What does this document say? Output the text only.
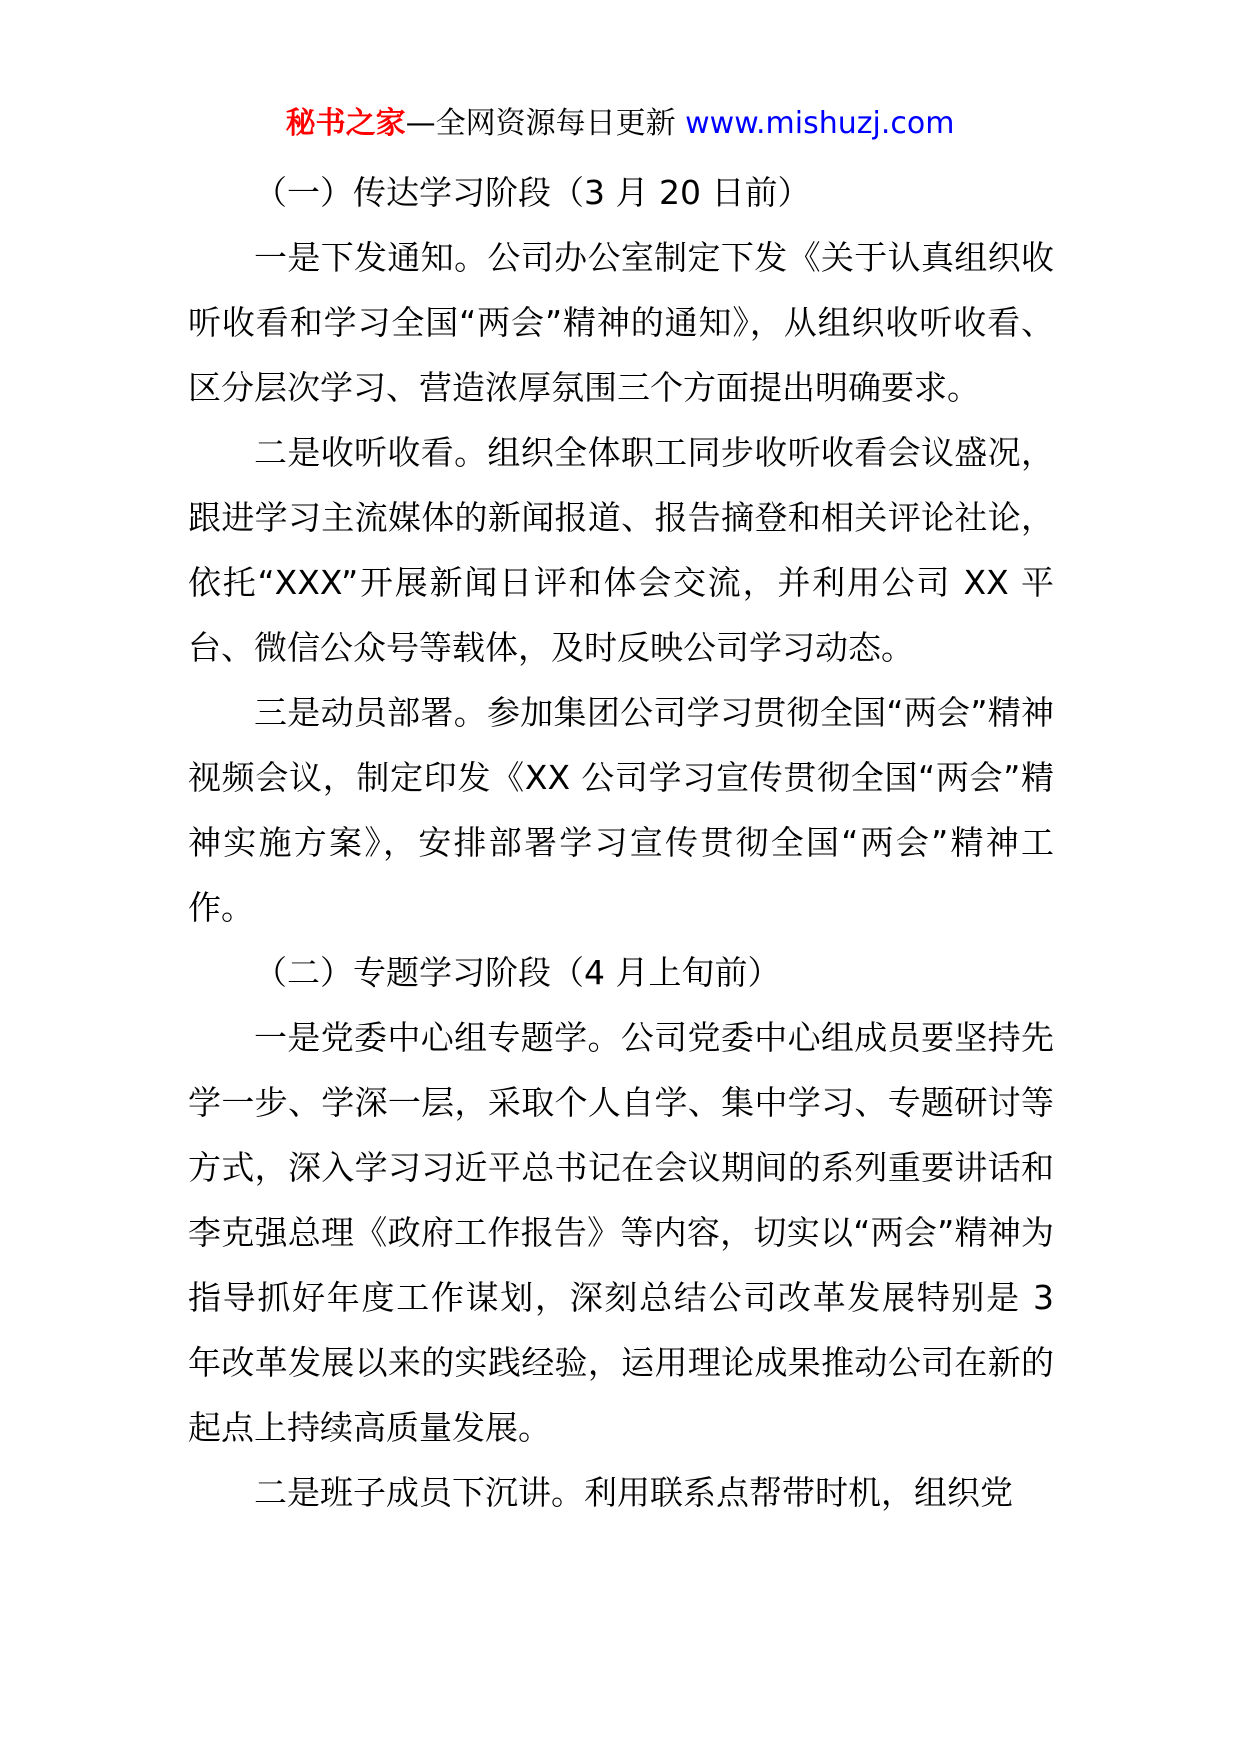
秘书之家—全网资源每日更新 www.mishuzj.com

（一）传达学习阶段（3 月 20 日前）

一是下发通知。公司办公室制定下发《关于认真组织收听收看和学习全国“两会”精神的通知》，从组织收听收看、区分层次学习、营造浓厚氛围三个方面提出明确要求。

二是收听收看。组织全体职工同步收听收看会议盛况，跟进学习主流媒体的新闻报道、报告摘登和相关评论社论，依托“XXX”开展新闻日评和体会交流，并利用公司 XX 平台、微信公众号等载体，及时反映公司学习动态。

三是动员部署。参加集团公司学习贯彻全国“两会”精神视频会议，制定印发《XX 公司学习宣传贯彻全国“两会”精神实施方案》，安排部署学习宣传贯彻全国“两会”精神工作。

（二）专题学习阶段（4 月上旬前）

一是党委中心组专题学。公司党委中心组成员要坚持先学一步、学深一层，采取个人自学、集中学习、专题研讨等方式，深入学习习近平总书记在会议期间的系列重要讲话和李克强总理《政府工作报告》等内容，切实以“两会”精神为指导抓好年度工作谋划，深刻总结公司改革发展特别是 3 年改革发展以来的实践经验，运用理论成果推动公司在新的起点上持续高质量发展。

二是班子成员下沉讲。利用联系点帮带时机，组织党
